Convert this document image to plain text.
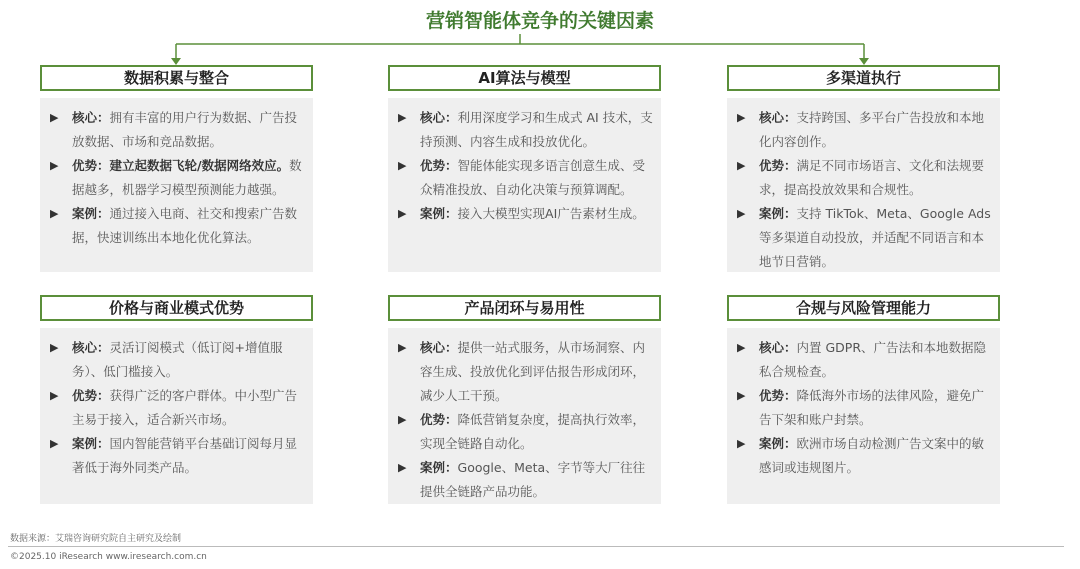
营销智能体竞争的关键因素
数据积累与整合
▶ 核心：拥有丰富的用户行为数据、广告投放数据、市场和竞品数据。
▶ 优势：建立起数据飞轮/数据网络效应。数据越多，机器学习模型预测能力越强。
▶ 案例：通过接入电商、社交和搜索广告数据，快速训练出本地化优化算法。
AI算法与模型
▶ 核心：利用深度学习和生成式 AI 技术，支持预测、内容生成和投放优化。
▶ 优势：智能体能实现多语言创意生成、受众精准投放、自动化决策与预算调配。
▶ 案例：接入大模型实现AI广告素材生成。
多渠道执行
▶ 核心：支持跨国、多平台广告投放和本地化内容创作。
▶ 优势：满足不同市场语言、文化和法规要求，提高投放效果和合规性。
▶ 案例：支持 TikTok、Meta、Google Ads 等多渠道自动投放，并适配不同语言和本地节日营销。
价格与商业模式优势
▶ 核心：灵活订阅模式（低订阅+增值服务）、低门槛接入。
▶ 优势：获得广泛的客户群体。中小型广告主易于接入，适合新兴市场。
▶ 案例：国内智能营销平台基础订阅每月显著低于海外同类产品。
产品闭环与易用性
▶ 核心：提供一站式服务，从市场洞察、内容生成、投放优化到评估报告形成闭环，减少人工干预。
▶ 优势：降低营销复杂度，提高执行效率，实现全链路自动化。
▶ 案例：Google、Meta、字节等大厂往往提供全链路产品功能。
合规与风险管理能力
▶ 核心：内置 GDPR、广告法和本地数据隐私合规检查。
▶ 优势：降低海外市场的法律风险，避免广告下架和账户封禁。
▶ 案例：欧洲市场自动检测广告文案中的敏感词或违规图片。
数据来源：艾瑞咨询研究院自主研究及绘制
©2025.10 iResearch www.iresearch.com.cn
